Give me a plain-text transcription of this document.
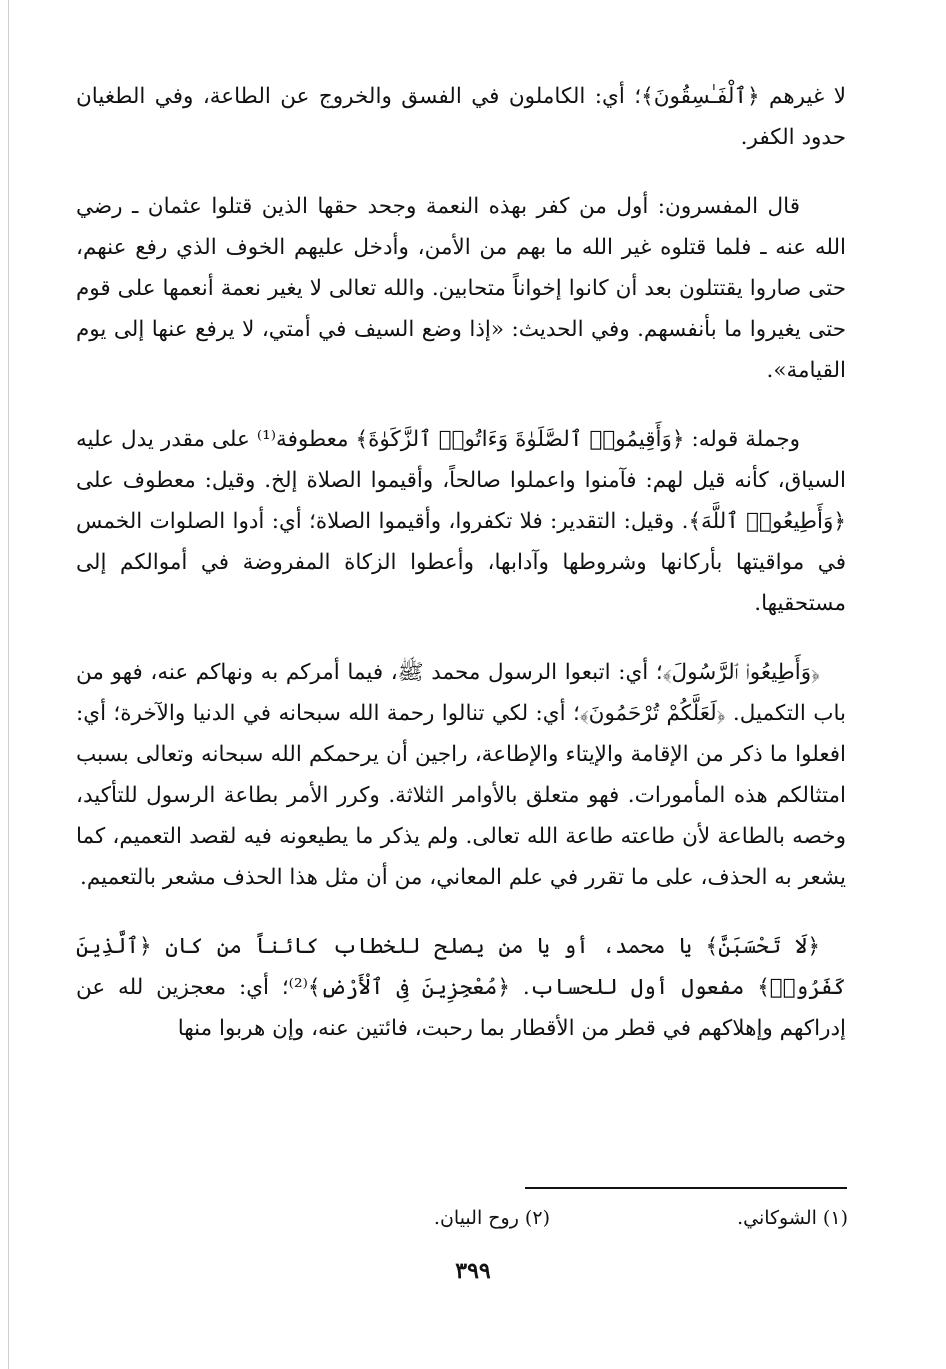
لا غيرهم ﴿ٱلْفَـٰسِقُونَ﴾؛ أي: الكاملون في الفسق والخروج عن الطاعة، وفي الطغيان حدود الكفر.

قال المفسرون: أول من كفر بهذه النعمة وجحد حقها الذين قتلوا عثمان ـ رضي الله عنه ـ فلما قتلوه غير الله ما بهم من الأمن، وأدخل عليهم الخوف الذي رفع عنهم، حتى صاروا يقتتلون بعد أن كانوا إخواناً متحابين. والله تعالى لا يغير نعمة أنعمها على قوم حتى يغيروا ما بأنفسهم. وفي الحديث: «إذا وضع السيف في أمتي، لا يرفع عنها إلى يوم القيامة».

وجملة قوله: ﴿وَأَقِيمُوا۟ ٱلصَّلَوٰةَ وَءَاتُوا۟ ٱلزَّكَوٰةَ﴾ معطوفة⁽¹⁾ على مقدر يدل عليه السياق، كأنه قيل لهم: فآمنوا واعملوا صالحاً، وأقيموا الصلاة إلخ. وقيل: معطوف على ﴿وَأَطِيعُوا۟ ٱللَّهَ﴾. وقيل: التقدير: فلا تكفروا، وأقيموا الصلاة؛ أي: أدوا الصلوات الخمس في مواقيتها بأركانها وشروطها وآدابها، وأعطوا الزكاة المفروضة في أموالكم إلى مستحقيها.

﴿وَأَطِيعُوا۟ ٱلرَّسُولَ﴾؛ أي: اتبعوا الرسول محمد ﷺ، فيما أمركم به ونهاكم عنه، فهو من باب التكميل. ﴿لَعَلَّكُمْ تُرْحَمُونَ﴾؛ أي: لكي تنالوا رحمة الله سبحانه في الدنيا والآخرة؛ أي: افعلوا ما ذكر من الإقامة والإيتاء والإطاعة، راجين أن يرحمكم الله سبحانه وتعالى بسبب امتثالكم هذه المأمورات. فهو متعلق بالأوامر الثلاثة. وكرر الأمر بطاعة الرسول للتأكيد، وخصه بالطاعة لأن طاعته طاعة الله تعالى. ولم يذكر ما يطيعونه فيه لقصد التعميم، كما يشعر به الحذف، على ما تقرر في علم المعاني، من أن مثل هذا الحذف مشعر بالتعميم.

﴿لَا تَحْسَبَنَّ﴾ يا محمد، أو يا من يصلح للخطاب كائناً من كان ﴿ٱلَّذِينَ كَفَرُوا۟﴾ مفعول أول للحساب. ﴿مُعْجِزِينَ فِى ٱلْأَرْضِ﴾⁽²⁾؛ أي: معجزين لله عن إدراكهم وإهلاكهم في قطر من الأقطار بما رحبت، فائتين عنه، وإن هربوا منها

(١) الشوكاني.
(٢) روح البيان.
٣٩٩
